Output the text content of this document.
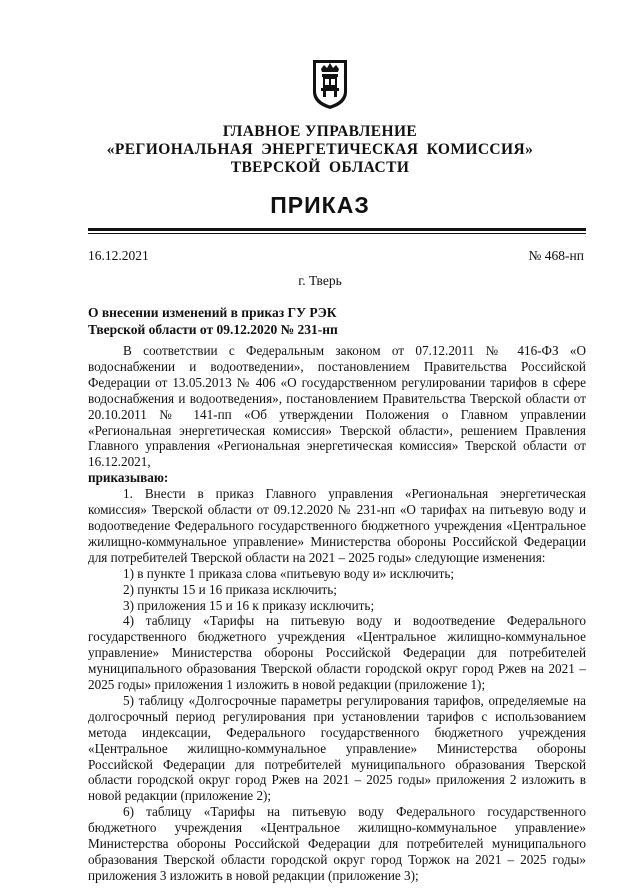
ГЛАВНОЕ УПРАВЛЕНИЕ
«РЕГИОНАЛЬНАЯ ЭНЕРГЕТИЧЕСКАЯ КОМИССИЯ»
ТВЕРСКОЙ ОБЛАСТИ
ПРИКАЗ
16.12.2021	№ 468-нп
г. Тверь
О внесении изменений в приказ ГУ РЭК
Тверской области от 09.12.2020 № 231-нп

В соответствии с Федеральным законом от 07.12.2011 № 416-ФЗ «О водоснабжении и водоотведении», постановлением Правительства Российской Федерации от 13.05.2013 № 406 «О государственном регулировании тарифов в сфере водоснабжения и водоотведения», постановлением Правительства Тверской области от 20.10.2011 № 141-пп «Об утверждении Положения о Главном управлении «Региональная энергетическая комиссия» Тверской области», решением Правления Главного управления «Региональная энергетическая комиссия» Тверской области от 16.12.2021,

приказываю:

1. Внести в приказ Главного управления «Региональная энергетическая комиссия» Тверской области от 09.12.2020 № 231-нп «О тарифах на питьевую воду и водоотведение Федерального государственного бюджетного учреждения «Центральное жилищно-коммунальное управление» Министерства обороны Российской Федерации для потребителей Тверской области на 2021 – 2025 годы» следующие изменения:

1) в пункте 1 приказа слова «питьевую воду и» исключить;

2) пункты 15 и 16 приказа исключить;

3) приложения 15 и 16 к приказу исключить;

4) таблицу «Тарифы на питьевую воду и водоотведение Федерального государственного бюджетного учреждения «Центральное жилищно-коммунальное управление» Министерства обороны Российской Федерации для потребителей муниципального образования Тверской области городской округ город Ржев на 2021 – 2025 годы» приложения 1 изложить в новой редакции (приложение 1);

5) таблицу «Долгосрочные параметры регулирования тарифов, определяемые на долгосрочный период регулирования при установлении тарифов с использованием метода индексации, Федерального государственного бюджетного учреждения «Центральное жилищно-коммунальное управление» Министерства обороны Российской Федерации для потребителей муниципального образования Тверской области городской округ город Ржев на 2021 – 2025 годы» приложения 2 изложить в новой редакции (приложение 2);

6) таблицу «Тарифы на питьевую воду Федерального государственного бюджетного учреждения «Центральное жилищно-коммунальное управление» Министерства обороны Российской Федерации для потребителей муниципального образования Тверской области городской округ город Торжок на 2021 – 2025 годы» приложения 3 изложить в новой редакции (приложение 3);
